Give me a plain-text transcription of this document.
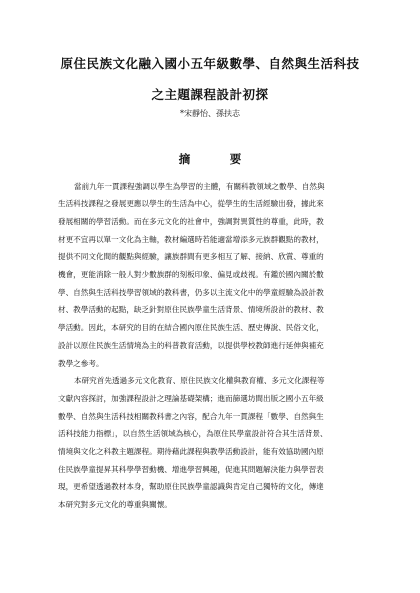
原住民族文化融入國小五年級數學、自然與生活科技
之主題課程設計初探
*宋靜怡、孫扶志
摘　要

當前九年一貫課程強調以學生為學習的主體，有關科教領域之數學、自然與
生活科技課程之發展更應以學生的生活為中心，從學生的生活經驗出發，據此來
發展相關的學習活動。而在多元文化的社會中，強調對異質性的尊重，此時，教
材更不宜再以單一文化為主軸，教材編選時若能適當增添多元族群觀點的教材，
提供不同文化間的觀點與經驗，讓族群間有更多相互了解、接納、欣賞、尊重的
機會，更能消除一般人對少數族群的刻板印象、偏見或歧視。有鑑於國內關於數
學、自然與生活科技學習領域的教科書，仍多以主流文化中的學童經驗為設計教
材、教學活動的起點，缺乏針對原住民族學童生活背景、情境所設計的教材、教
學活動。因此，本研究的目的在結合國內原住民族生活、歷史傳說、民俗文化，
設計以原住民族生活情境為主的科普教育活動，以提供學校教師進行延伸與補充
教學之參考。

本研究首先透過多元文化教育、原住民族文化權與教育權、多元文化課程等
文獻內容探討，加強課程設計之理論基礎架構；進而篩選坊間出版之國小五年級
數學、自然與生活科技相關教科書之內容，配合九年一貫課程「數學、自然與生
活科技能力指標」，以自然生活領域為核心，為原住民學童設計符合其生活背景、
情境與文化之科教主題課程。期待藉此課程與教學活動設計，能有效協助國內原
住民族學童提昇其科學學習動機、增進學習興趣，促進其問題解決能力與學習表
現，更希望透過教材本身，幫助原住民族學童認識與肯定自己獨特的文化，傳達
本研究對多元文化的尊重與關懷。
